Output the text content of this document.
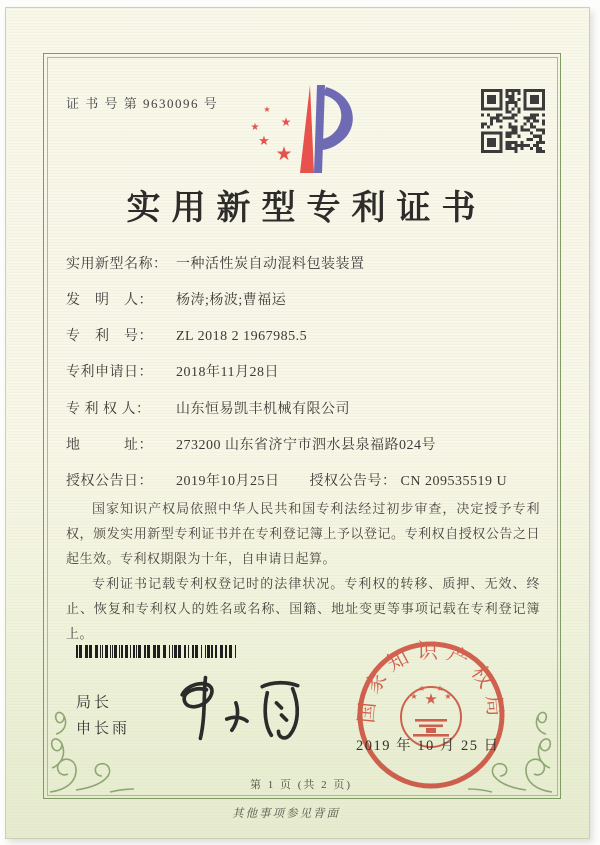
证 书 号 第 9630096 号
★
★
★
★
★
实用新型专利证书
实用新型名称： 一种活性炭自动混料包装装置
发　明　人： 杨涛;杨波;曹福运
专　利　号： ZL 2018 2 1967985.5
专利申请日： 2018年11月28日
专 利 权 人： 山东恒易凯丰机械有限公司
地　　　址： 273200 山东省济宁市泗水县泉福路024号
授权公告日： 2019年10月25日 授权公告号： CN 209535519 U

国家知识产权局依照中华人民共和国专利法经过初步审查，决定授予专利权，颁发实用新型专利证书并在专利登记簿上予以登记。专利权自授权公告之日起生效。专利权期限为十年，自申请日起算。

专利证书记载专利权登记时的法律状况。专利权的转移、质押、无效、终止、恢复和专利权人的姓名或名称、国籍、地址变更等事项记载在专利登记簿上。

局长
申长雨
国家知识产权局
★
★
★ ★
★
2019 年 10 月 25 日
第 1 页 (共 2 页)
其他事项参见背面
